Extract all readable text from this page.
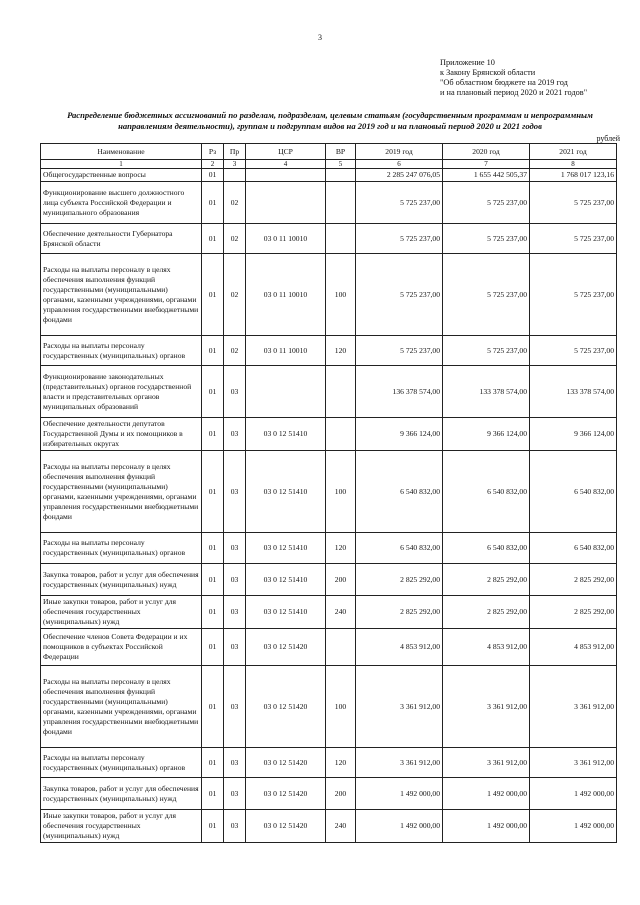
3
Приложение 10
к Закону Брянской области
"Об областном бюджете на 2019 год
и на плановый период 2020 и 2021 годов"
Распределение бюджетных ассигнований по разделам, подразделам, целевым статьям (государственным программам и непрограммным направлениям деятельности), группам и подгруппам видов на 2019 год и на плановый период 2020 и 2021 годов
рублей
Наименование	Рз	Пр	ЦСР	ВР	2019 год	2020 год	2021 год
1	2	3	4	5	6	7	8
Общегосударственные вопросы	01				2 285 247 076,05	1 655 442 505,37	1 768 017 123,16
Функционирование высшего должностного лица субъекта Российской Федерации и муниципального образования	01	02			5 725 237,00	5 725 237,00	5 725 237,00
Обеспечение деятельности Губернатора Брянской области	01	02	03 0 11 10010		5 725 237,00	5 725 237,00	5 725 237,00
Расходы на выплаты персоналу в целях обеспечения выполнения функций государственными (муниципальными) органами, казенными учреждениями, органами управления государственными внебюджетными фондами	01	02	03 0 11 10010	100	5 725 237,00	5 725 237,00	5 725 237,00
Расходы на выплаты персоналу государственных (муниципальных) органов	01	02	03 0 11 10010	120	5 725 237,00	5 725 237,00	5 725 237,00
Функционирование законодательных (представительных) органов государственной власти и представительных органов муниципальных образований	01	03			136 378 574,00	133 378 574,00	133 378 574,00
Обеспечение деятельности депутатов Государственной Думы и их помощников в избирательных округах	01	03	03 0 12 51410		9 366 124,00	9 366 124,00	9 366 124,00
Расходы на выплаты персоналу в целях обеспечения выполнения функций государственными (муниципальными) органами, казенными учреждениями, органами управления государственными внебюджетными фондами	01	03	03 0 12 51410	100	6 540 832,00	6 540 832,00	6 540 832,00
Расходы на выплаты персоналу государственных (муниципальных) органов	01	03	03 0 12 51410	120	6 540 832,00	6 540 832,00	6 540 832,00
Закупка товаров, работ и услуг для обеспечения государственных (муниципальных) нужд	01	03	03 0 12 51410	200	2 825 292,00	2 825 292,00	2 825 292,00
Иные закупки товаров, работ и услуг для обеспечения государственных (муниципальных) нужд	01	03	03 0 12 51410	240	2 825 292,00	2 825 292,00	2 825 292,00
Обеспечение членов Совета Федерации и их помощников в субъектах Российской Федерации	01	03	03 0 12 51420		4 853 912,00	4 853 912,00	4 853 912,00
Расходы на выплаты персоналу в целях обеспечения выполнения функций государственными (муниципальными) органами, казенными учреждениями, органами управления государственными внебюджетными фондами	01	03	03 0 12 51420	100	3 361 912,00	3 361 912,00	3 361 912,00
Расходы на выплаты персоналу государственных (муниципальных) органов	01	03	03 0 12 51420	120	3 361 912,00	3 361 912,00	3 361 912,00
Закупка товаров, работ и услуг для обеспечения государственных (муниципальных) нужд	01	03	03 0 12 51420	200	1 492 000,00	1 492 000,00	1 492 000,00
Иные закупки товаров, работ и услуг для обеспечения государственных (муниципальных) нужд	01	03	03 0 12 51420	240	1 492 000,00	1 492 000,00	1 492 000,00
